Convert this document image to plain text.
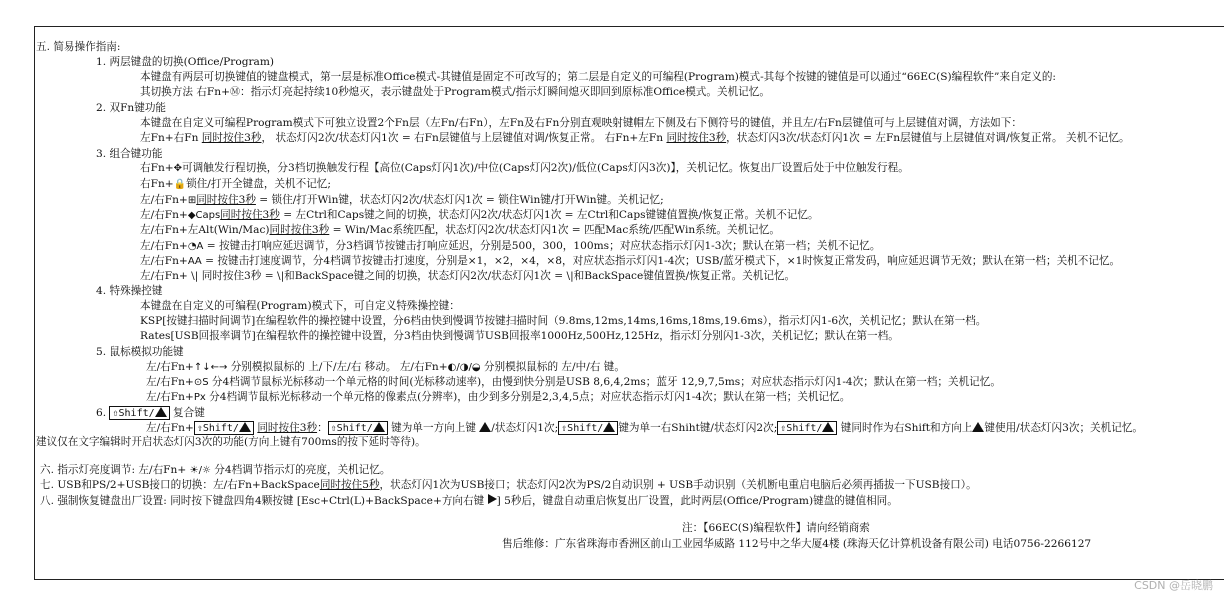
五. 简易操作指南:
1. 两层键盘的切换(Office/Program)
本键盘有两层可切换键值的键盘模式，第一层是标准Office模式-其键值是固定不可改写的；第二层是自定义的可编程(Program)模式-其每个按键的键值是可以通过“66EC(S)编程软件”来自定义的:
其切换方法 右Fn+Ⓜ：指示灯亮起持续10秒熄灭，表示键盘处于Program模式/指示灯瞬间熄灭即回到原标准Office模式。关机记忆。
2. 双Fn键功能
本键盘在自定义可编程Program模式下可独立设置2个Fn层（左Fn/右Fn），左Fn及右Fn分别直观映射键帽左下侧及右下侧符号的键值，并且左/右Fn层键值可与上层键值对调，方法如下：
左Fn+右Fn 同时按住3秒， 状态灯闪2次/状态灯闪1次 = 右Fn层键值与上层键值对调/恢复正常。 右Fn+左Fn 同时按住3秒，状态灯闪3次/状态灯闪1次 = 左Fn层键值与上层键值对调/恢复正常。 关机不记忆。
3. 组合键功能
右Fn+✥可调触发行程切换，分3档切换触发行程【高位(Caps灯闪1次)/中位(Caps灯闪2次)/低位(Caps灯闪3次)】，关机记忆。恢复出厂设置后处于中位触发行程。
右Fn+🔒锁住/打开全键盘，关机不记忆;
左/右Fn+⊞同时按住3秒 = 锁住/打开Win键，状态灯闪2次/状态灯闪1次 = 锁住Win键/打开Win键。关机记忆;
左/右Fn+◆Caps同时按住3秒 = 左Ctrl和Caps键之间的切换，状态灯闪2次/状态灯闪1次 = 左Ctrl和Caps键键值置换/恢复正常。关机不记忆。
左/右Fn+左Alt(Win/Mac)同时按住3秒 = Win/Mac系统匹配，状态灯闪2次/状态灯闪1次 = 匹配Mac系统/匹配Win系统。关机记忆。
左/右Fn+◔A = 按键击打响应延迟调节，分3档调节按键击打响应延迟，分别是500，300，100ms；对应状态指示灯闪1-3次；默认在第一档；关机不记忆。
左/右Fn+AA = 按键击打速度调节，分4档调节按键击打速度，分别是×1，×2，×4，×8，对应状态指示灯闪1-4次；USB/蓝牙模式下，×1时恢复正常发码，响应延迟调节无效；默认在第一档；关机不记忆。
左/右Fn+ \| 同时按住3秒 = \|和BackSpace键之间的切换，状态灯闪2次/状态灯闪1次 = \|和BackSpace键值置换/恢复正常。关机记忆。
4. 特殊操控键
本键盘在自定义的可编程(Program)模式下，可自定义特殊操控键：
KSP[按键扫描时间调节]在编程软件的操控键中设置，分6档由快到慢调节按键扫描时间（9.8ms,12ms,14ms,16ms,18ms,19.6ms），指示灯闪1-6次，关机记忆；默认在第一档。
Rates[USB回报率调节]在编程软件的操控键中设置，分3档由快到慢调节USB回报率1000Hz,500Hz,125Hz，指示灯分别闪1-3次，关机记忆；默认在第一档。
5. 鼠标模拟功能键
左/右Fn+↑↓←→ 分别模拟鼠标的 上/下/左/右 移动。 左/右Fn+◐/◑/◒ 分别模拟鼠标的 左/中/右 键。
左/右Fn+⊙S 分4档调节鼠标光标移动一个单元格的时间(光标移动速率)，由慢到快分别是USB 8,6,4,2ms；蓝牙 12,9,7,5ms；对应状态指示灯闪1-4次；默认在第一档；关机记忆。
左/右Fn+Px 分4档调节鼠标光标移动一个单元格的像素点(分辨率)，由少到多分别是2,3,4,5点；对应状态指示灯闪1-4次；默认在第一档；关机记忆。
6. ⇧Shift/ 复合键
左/右Fn+ ⇧Shift/ 同时按住3秒： ⇧Shift/ 键为单一方向上键 /状态灯闪1次; ⇧Shift/ 键为单一右Shiht键/状态灯闪2次; ⇧Shift/ 键同时作为右Shift和方向上 键使用/状态灯闪3次；关机记忆。
建议仅在文字编辑时开启状态灯闪3次的功能(方向上键有700ms的按下延时等待)。
六. 指示灯亮度调节: 左/右Fn+ ☀/☼ 分4档调节指示灯的亮度，关机记忆。
七. USB和PS/2+USB接口的切换：左/右Fn+BackSpace同时按住5秒，状态灯闪1次为USB接口；状态灯闪2次为PS/2自动识别 + USB手动识别（关机断电重启电脑后必须再插拔一下USB接口）。
八. 强制恢复键盘出厂设置: 同时按下键盘四角4颗按键 [Esc+Ctrl(L)+BackSpace+方向右键 ] 5秒后，键盘自动重启恢复出厂设置，此时两层(Office/Program)键盘的键值相同。
注：【66EC(S)编程软件】请向经销商索
售后维修：广东省珠海市香洲区前山工业园华威路 112号中之华大厦4楼 (珠海天亿计算机设备有限公司) 电话0756-2266127
CSDN @岳晓鹏
